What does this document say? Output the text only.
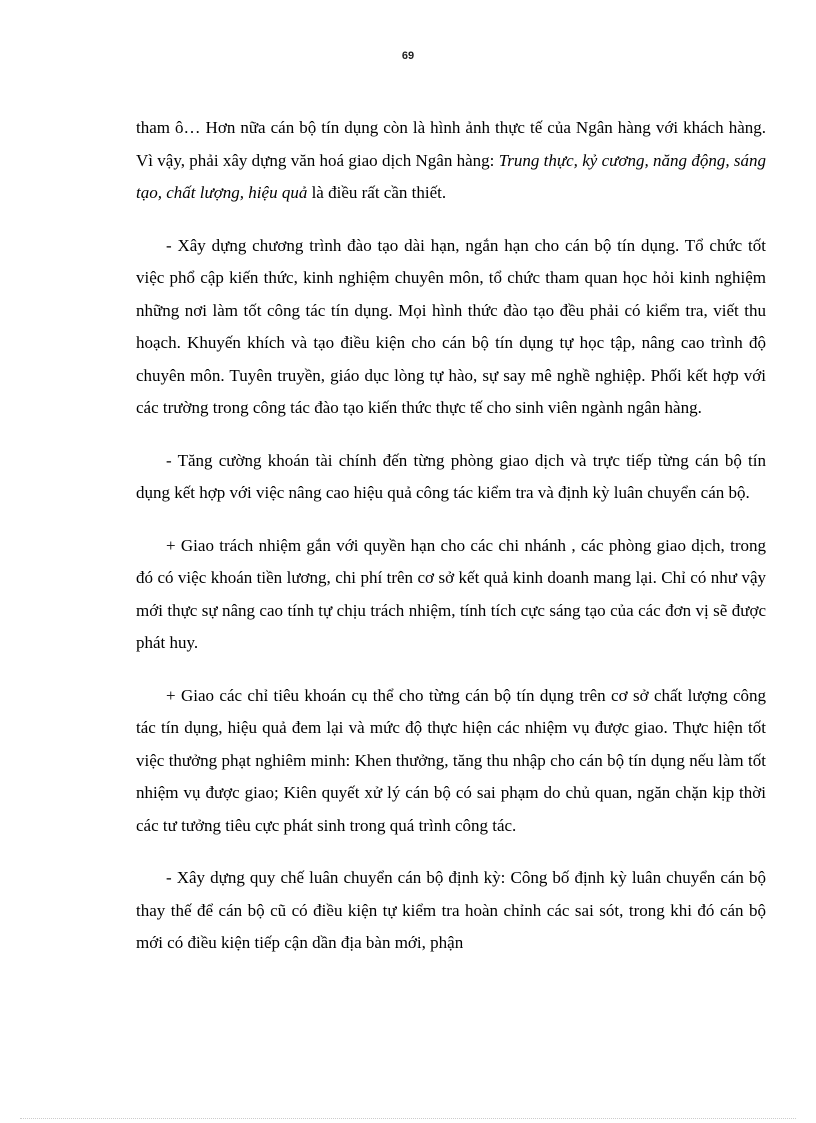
69

tham ô… Hơn nữa cán bộ tín dụng còn là hình ảnh thực tế của Ngân hàng với khách hàng. Vì vậy, phải xây dựng văn hoá giao dịch Ngân hàng: Trung thực, kỷ cương, năng động, sáng tạo, chất lượng, hiệu quả là điều rất cần thiết.

- Xây dựng chương trình đào tạo dài hạn, ngắn hạn cho cán bộ tín dụng. Tổ chức tốt việc phổ cập kiến thức, kinh nghiệm chuyên môn, tổ chức tham quan học hỏi kinh nghiệm những nơi làm tốt công tác tín dụng. Mọi hình thức đào tạo đều phải có kiểm tra, viết thu hoạch. Khuyến khích và tạo điều kiện cho cán bộ tín dụng tự học tập, nâng cao trình độ chuyên môn. Tuyên truyền, giáo dục lòng tự hào, sự say mê nghề nghiệp. Phối kết hợp với các trường trong công tác đào tạo kiến thức thực tế cho sinh viên ngành ngân hàng.

- Tăng cường khoán tài chính đến từng phòng giao dịch và trực tiếp từng cán bộ tín dụng kết hợp với việc nâng cao hiệu quả công tác kiểm tra và định kỳ luân chuyển cán bộ.

+ Giao trách nhiệm gắn với quyền hạn cho các chi nhánh , các phòng giao dịch, trong đó có việc khoán tiền lương, chi phí trên cơ sở kết quả kinh doanh mang lại. Chỉ có như vậy mới thực sự nâng cao tính tự chịu trách nhiệm, tính tích cực sáng tạo của các đơn vị sẽ được phát huy.

+ Giao các chỉ tiêu khoán cụ thể cho từng cán bộ tín dụng trên cơ sở chất lượng công tác tín dụng, hiệu quả đem lại và mức độ thực hiện các nhiệm vụ được giao. Thực hiện tốt việc thưởng phạt nghiêm minh: Khen thưởng, tăng thu nhập cho cán bộ tín dụng nếu làm tốt nhiệm vụ được giao; Kiên quyết xử lý cán bộ có sai phạm do chủ quan, ngăn chặn kịp thời các tư tưởng tiêu cực phát sinh trong quá trình công tác.

- Xây dựng quy chế luân chuyển cán bộ định kỳ: Công bố định kỳ luân chuyển cán bộ thay thế để cán bộ cũ có điều kiện tự kiểm tra hoàn chỉnh các sai sót, trong khi đó cán bộ mới có điều kiện tiếp cận dần địa bàn mới, phận
